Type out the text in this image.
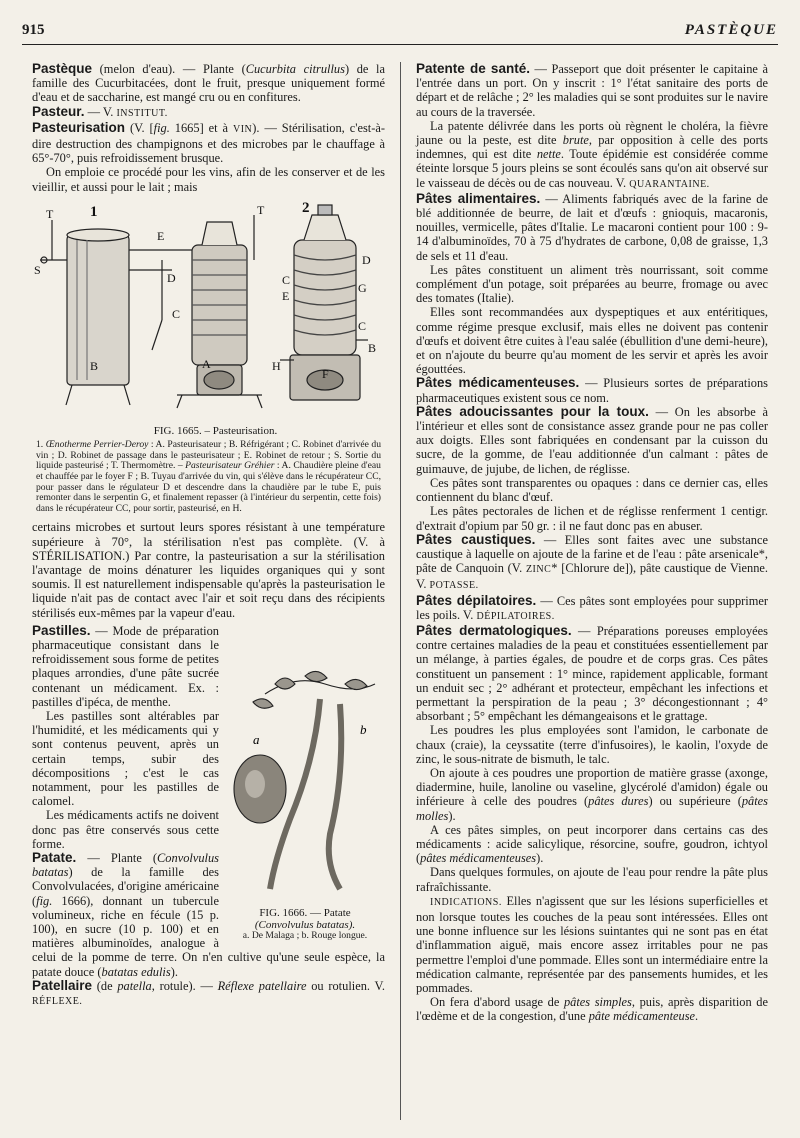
915	PASTÈQUE

Pastèque (melon d'eau). — Plante (Cucurbita citrullus) de la famille des Cucurbitacées, dont le fruit, presque uniquement formé d'eau et de saccharine, est mangé cru ou en confitures.

Pasteur. — V. INSTITUT.

Pasteurisation (V. [fig. 1665] et à VIN). — Stérilisation, c'est-à-dire destruction des champignons et des microbes par le chauffage à 65°-70°, puis refroidissement brusque.

On emploie ce procédé pour les vins, afin de les conserver et de les vieillir, et aussi pour le lait ; mais

1	2
T
S
E
D
C
B	A
T
D
G
C
E
C
B
H
F

FIG. 1665. – Pasteurisation.

1. Œnotherme Perrier-Deroy : A. Pasteurisateur ; B. Réfrigérant ; C. Robinet d'arrivée du vin ; D. Robinet de passage dans le pasteurisateur ; E. Robinet de retour ; S. Sortie du liquide pasteurisé ; T. Thermomètre. – Pasteurisateur Gréhier : A. Chaudière pleine d'eau et chauffée par le foyer F ; B. Tuyau d'arrivée du vin, qui s'élève dans le récupérateur CC, pour passer dans le régulateur D et descendre dans la chaudière par le tube E, puis remonter dans le serpentin G, et finalement repasser (à l'intérieur du serpentin, cette fois) dans le récupérateur CC, pour sortir, pasteurisé, en H.

certains microbes et surtout leurs spores résistant à une température supérieure à 70°, la stérilisation n'est pas complète. (V. à STÉRILISATION.) Par contre, la pasteurisation a sur la stérilisation l'avantage de moins dénaturer les liquides organiques qui y sont soumis. Il est naturellement indispensable qu'après la pasteurisation le liquide n'ait pas de contact avec l'air et soit reçu dans des récipients stérilisés eux-mêmes par la vapeur d'eau.

a
b

FIG. 1666. — Patate
(Convolvulus batatas).

a. De Malaga ; b. Rouge longue.

Pastilles. — Mode de préparation pharmaceutique consistant dans le refroidissement sous forme de petites plaques arrondies, d'une pâte sucrée contenant un médicament. Ex. : pastilles d'ipéca, de menthe.

Les pastilles sont altérables par l'humidité, et les médicaments qui y sont contenus peuvent, après un certain temps, subir des décompositions ; c'est le cas notamment, pour les pastilles de calomel.

Les médicaments actifs ne doivent donc pas être conservés sous cette forme.

Patate. — Plante (Convolvulus batatas) de la famille des Convolvulacées, d'origine américaine (fig. 1666), donnant un tubercule volumineux, riche en fécule (15 p. 100), en sucre (10 p. 100) et en matières albuminoïdes, analogue à celui de la pomme de terre. On n'en cultive qu'une seule espèce, la patate douce (batatas edulis).

Patellaire (de patella, rotule). — Réflexe patellaire ou rotulien. V. RÉFLEXE.

Patente de santé. — Passeport que doit présenter le capitaine à l'entrée dans un port. On y inscrit : 1° l'état sanitaire des ports de départ et de relâche ; 2° les maladies qui se sont produites sur le navire au cours de la traversée.

La patente délivrée dans les ports où règnent le choléra, la fièvre jaune ou la peste, est dite brute, par opposition à celle des ports indemnes, qui est dite nette. Toute épidémie est considérée comme éteinte lorsque 5 jours pleins se sont écoulés sans qu'on ait observé sur le vaisseau de décès ou de cas nouveau. V. QUARANTAINE.

Pâtes alimentaires. — Aliments fabriqués avec de la farine de blé additionnée de beurre, de lait et d'œufs : gnioquis, macaronis, nouilles, vermicelle, pâtes d'Italie. Le macaroni contient pour 100 : 9-14 d'albuminoïdes, 70 à 75 d'hydrates de carbone, 0,08 de graisse, 1,3 de sels et 11 d'eau.

Les pâtes constituent un aliment très nourrissant, soit comme complément d'un potage, soit préparées au beurre, fromage ou avec des tomates (Italie).

Elles sont recommandées aux dyspeptiques et aux entéritiques, comme régime presque exclusif, mais elles ne doivent pas contenir d'œufs et doivent être cuites à l'eau salée (ébullition d'une demi-heure), et on n'ajoute du beurre qu'au moment de les servir et après les avoir égouttées.

Pâtes médicamenteuses. — Plusieurs sortes de préparations pharmaceutiques existent sous ce nom.

Pâtes adoucissantes pour la toux. — On les absorbe à l'intérieur et elles sont de consistance assez grande pour ne pas coller aux doigts. Elles sont fabriquées en condensant par la cuisson du sucre, de la gomme, de l'eau additionnée d'un calmant : pâtes de guimauve, de jujube, de lichen, de réglisse.

Ces pâtes sont transparentes ou opaques : dans ce dernier cas, elles contiennent du blanc d'œuf.

Les pâtes pectorales de lichen et de réglisse renferment 1 centigr. d'extrait d'opium par 50 gr. : il ne faut donc pas en abuser.

Pâtes caustiques. — Elles sont faites avec une substance caustique à laquelle on ajoute de la farine et de l'eau : pâte arsenicale*, pâte de Canquoin (V. ZINC* [Chlorure de]), pâte caustique de Vienne. V. POTASSE.

Pâtes dépilatoires. — Ces pâtes sont employées pour supprimer les poils. V. DÉPILATOIRES.

Pâtes dermatologiques. — Préparations poreuses employées contre certaines maladies de la peau et constituées essentiellement par un mélange, à parties égales, de poudre et de corps gras. Ces pâtes constituent un pansement : 1° mince, rapidement applicable, formant un enduit sec ; 2° adhérant et protecteur, empêchant les infections et permettant la perspiration de la peau ; 3° décongestionnant ; 4° absorbant ; 5° empêchant les démangeaisons et le grattage.

Les poudres les plus employées sont l'amidon, le carbonate de chaux (craie), la ceyssatite (terre d'infusoires), le kaolin, l'oxyde de zinc, le sous-nitrate de bismuth, le talc.

On ajoute à ces poudres une proportion de matière grasse (axonge, diadermine, huile, lanoline ou vaseline, glycérolé d'amidon) égale ou inférieure à celle des poudres (pâtes dures) ou supérieure (pâtes molles).

A ces pâtes simples, on peut incorporer dans certains cas des médicaments : acide salicylique, résorcine, soufre, goudron, ichtyol (pâtes médicamenteuses).

Dans quelques formules, on ajoute de l'eau pour rendre la pâte plus rafraîchissante.

INDICATIONS. Elles n'agissent que sur les lésions superficielles et non lorsque toutes les couches de la peau sont intéressées. Elles ont une bonne influence sur les lésions suintantes qui ne sont pas en état d'inflammation aiguë, mais encore assez irritables pour ne pas permettre l'emploi d'une pommade. Elles sont un intermédiaire entre la médication calmante, représentée par des pansements humides, et les pommades.

On fera d'abord usage de pâtes simples, puis, après disparition de l'œdème et de la congestion, d'une pâte médicamenteuse.
